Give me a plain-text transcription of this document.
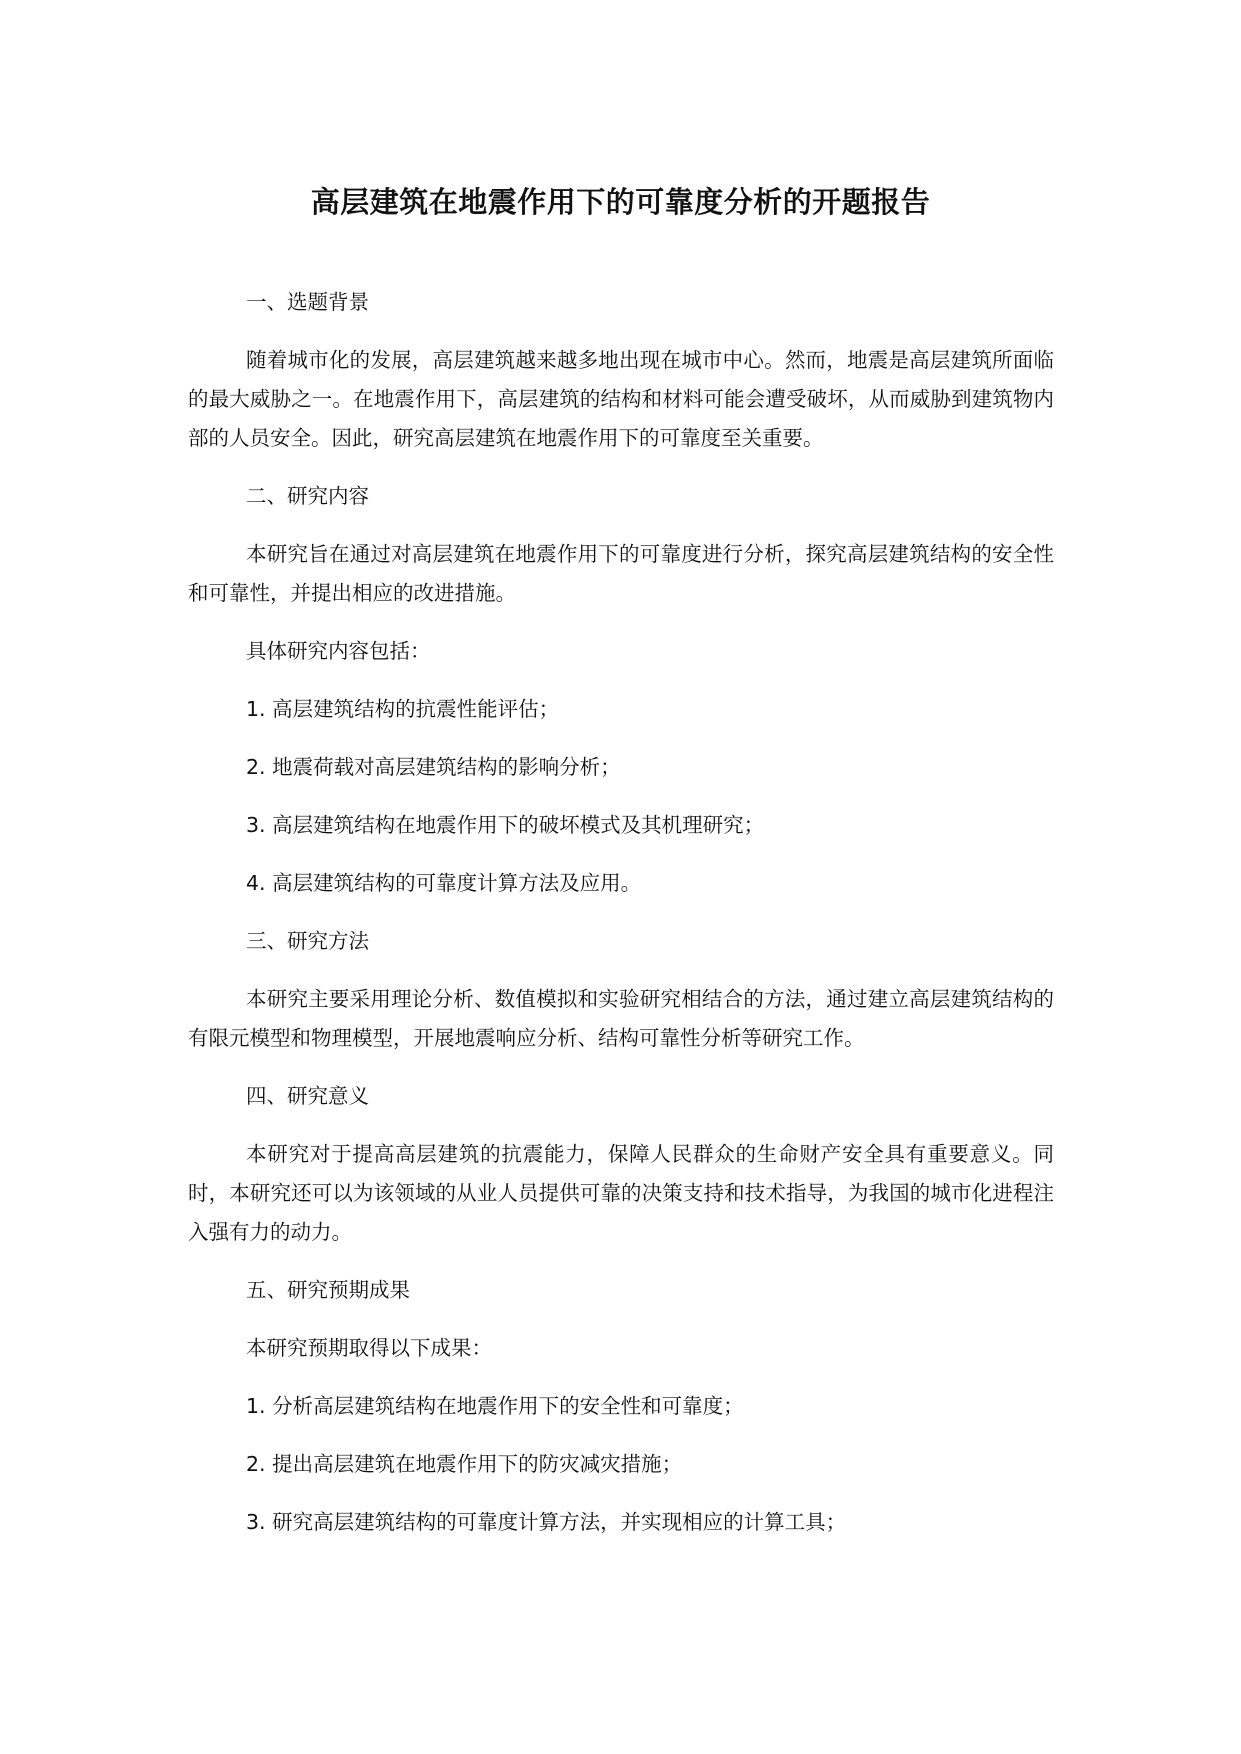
高层建筑在地震作用下的可靠度分析的开题报告

一、选题背景

随着城市化的发展，高层建筑越来越多地出现在城市中心。然而，地震是高层建筑所面临的最大威胁之一。在地震作用下，高层建筑的结构和材料可能会遭受破坏，从而威胁到建筑物内部的人员安全。因此，研究高层建筑在地震作用下的可靠度至关重要。

二、研究内容

本研究旨在通过对高层建筑在地震作用下的可靠度进行分析，探究高层建筑结构的安全性和可靠性，并提出相应的改进措施。

具体研究内容包括：

1. 高层建筑结构的抗震性能评估；

2. 地震荷载对高层建筑结构的影响分析；

3. 高层建筑结构在地震作用下的破坏模式及其机理研究；

4. 高层建筑结构的可靠度计算方法及应用。

三、研究方法

本研究主要采用理论分析、数值模拟和实验研究相结合的方法，通过建立高层建筑结构的有限元模型和物理模型，开展地震响应分析、结构可靠性分析等研究工作。

四、研究意义

本研究对于提高高层建筑的抗震能力，保障人民群众的生命财产安全具有重要意义。同时，本研究还可以为该领域的从业人员提供可靠的决策支持和技术指导，为我国的城市化进程注入强有力的动力。

五、研究预期成果

本研究预期取得以下成果：

1. 分析高层建筑结构在地震作用下的安全性和可靠度；

2. 提出高层建筑在地震作用下的防灾减灾措施；

3. 研究高层建筑结构的可靠度计算方法，并实现相应的计算工具；
